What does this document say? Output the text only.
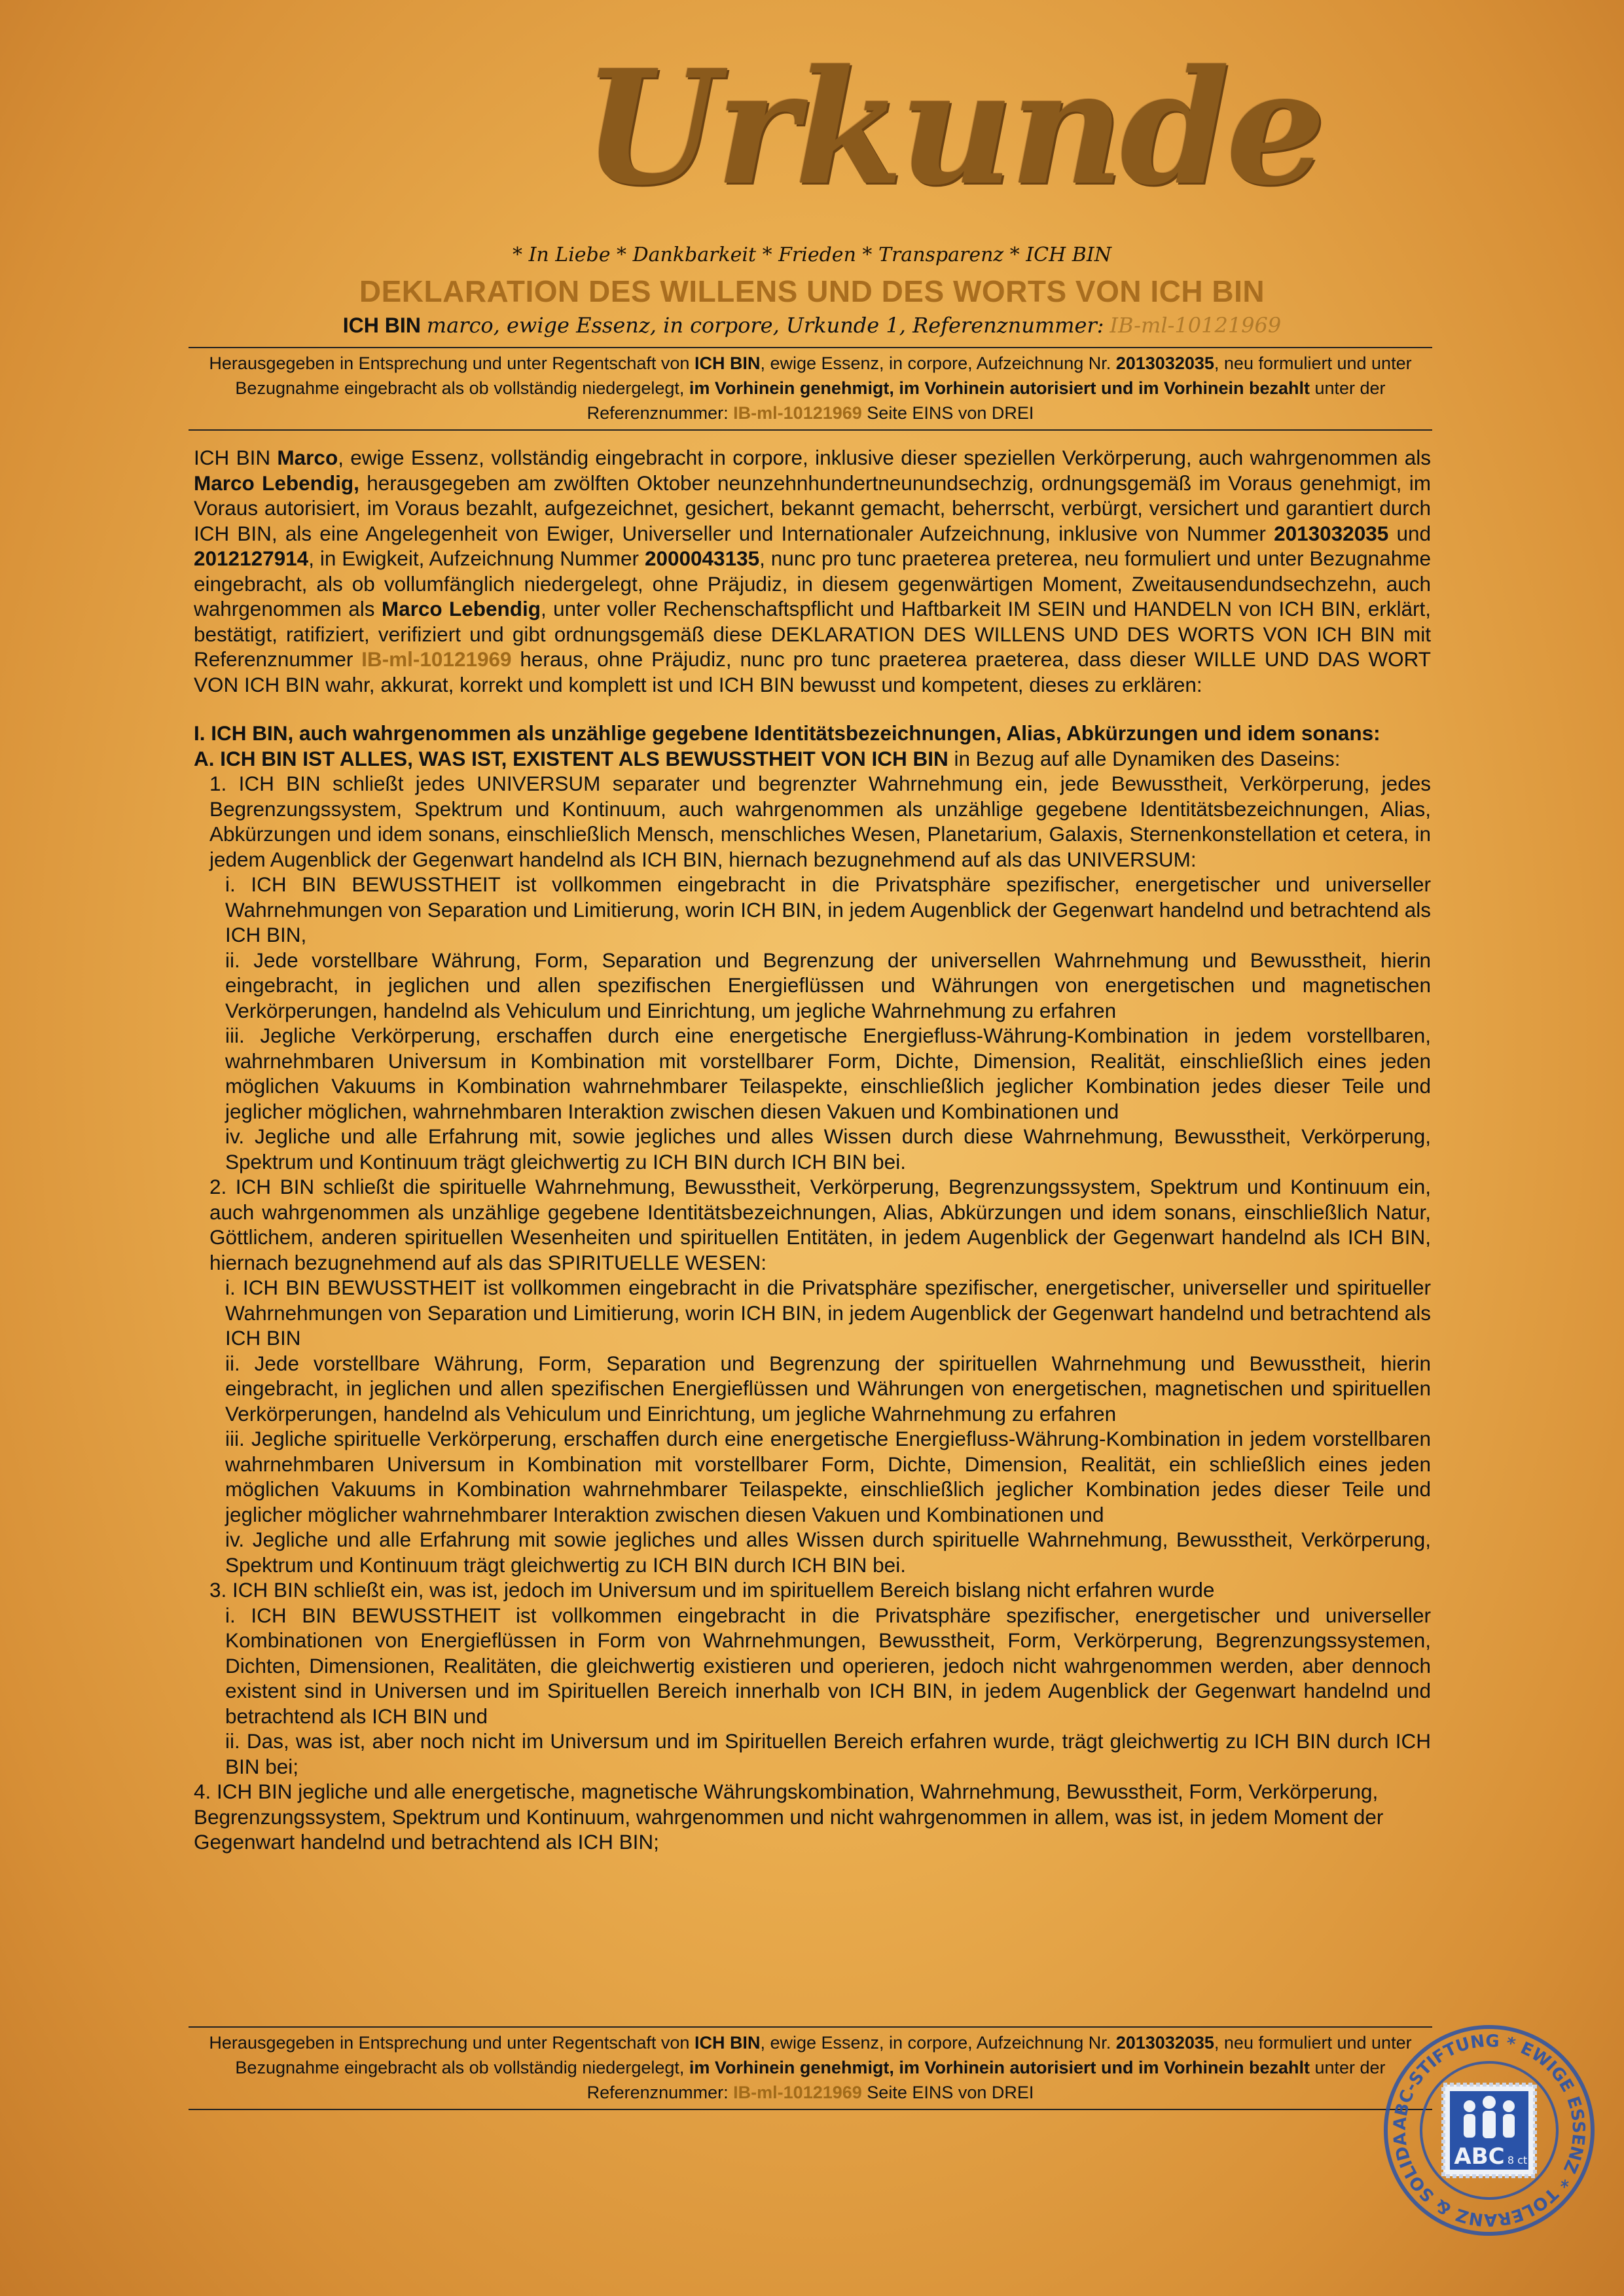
Urkunde
* In Liebe * Dankbarkeit * Frieden * Transparenz * ICH BIN
DEKLARATION DES WILLENS UND DES WORTS VON ICH BIN
ICH BIN marco, ewige Essenz, in corpore, Urkunde 1, Referenznummer: IB-ml-10121969
Herausgegeben in Entsprechung und unter Regentschaft von ICH BIN, ewige Essenz, in corpore, Aufzeichnung Nr. 2013032035, neu formuliert und unter Bezugnahme eingebracht als ob vollständig niedergelegt, im Vorhinein genehmigt, im Vorhinein autorisiert und im Vorhinein bezahlt unter der Referenznummer: IB-ml-10121969 Seite EINS von DREI

ICH BIN Marco, ewige Essenz, vollständig eingebracht in corpore, inklusive dieser speziellen Verkörperung, auch wahrgenommen als Marco Lebendig, herausgegeben am zwölften Oktober neunzehnhundertneunundsechzig, ordnungsgemäß im Voraus genehmigt, im Voraus autorisiert, im Voraus bezahlt, aufgezeichnet, gesichert, bekannt gemacht, beherrscht, verbürgt, versichert und garantiert durch ICH BIN, als eine Angelegenheit von Ewiger, Universeller und Internationaler Aufzeichnung, inklusive von Nummer 2013032035 und 2012127914, in Ewigkeit, Aufzeichnung Nummer 2000043135, nunc pro tunc praeterea preterea, neu formuliert und unter Bezugnahme eingebracht, als ob vollumfänglich niedergelegt, ohne Präjudiz, in diesem gegenwärtigen Moment, Zweitausendundsechzehn, auch wahrgenommen als Marco Lebendig, unter voller Rechenschaftspflicht und Haftbarkeit IM SEIN und HANDELN von ICH BIN, erklärt, bestätigt, ratifiziert, verifiziert und gibt ordnungsgemäß diese DEKLARATION DES WILLENS UND DES WORTS VON ICH BIN mit Referenznummer IB-ml-10121969 heraus, ohne Präjudiz, nunc pro tunc praeterea praeterea, dass dieser WILLE UND DAS WORT VON ICH BIN wahr, akkurat, korrekt und komplett ist und ICH BIN bewusst und kompetent, dieses zu erklären:

I. ICH BIN, auch wahrgenommen als unzählige gegebene Identitätsbezeichnungen, Alias, Abkürzungen und idem sonans:

A. ICH BIN IST ALLES, WAS IST, EXISTENT ALS BEWUSSTHEIT VON ICH BIN in Bezug auf alle Dynamiken des Daseins:

1. ICH BIN schließt jedes UNIVERSUM separater und begrenzter Wahrnehmung ein, jede Bewusstheit, Verkörperung, jedes Begrenzungssystem, Spektrum und Kontinuum, auch wahrgenommen als unzählige gegebene Identitätsbezeichnungen, Alias, Abkürzungen und idem sonans, einschließlich Mensch, menschliches Wesen, Planetarium, Galaxis, Sternenkonstellation et cetera, in jedem Augenblick der Gegenwart handelnd als ICH BIN, hiernach bezugnehmend auf als das UNIVERSUM:

i. ICH BIN BEWUSSTHEIT ist vollkommen eingebracht in die Privatsphäre spezifischer, energetischer und universeller Wahrnehmungen von Separation und Limitierung, worin ICH BIN, in jedem Augenblick der Gegenwart handelnd und betrachtend als ICH BIN,

ii. Jede vorstellbare Währung, Form, Separation und Begrenzung der universellen Wahrnehmung und Bewusstheit, hierin eingebracht, in jeglichen und allen spezifischen Energieflüssen und Währungen von energetischen und magnetischen Verkörperungen, handelnd als Vehiculum und Einrichtung, um jegliche Wahrnehmung zu erfahren

iii. Jegliche Verkörperung, erschaffen durch eine energetische Energiefluss-Währung-Kombination in jedem vorstellbaren, wahrnehmbaren Universum in Kombination mit vorstellbarer Form, Dichte, Dimension, Realität, einschließlich eines jeden möglichen Vakuums in Kombination wahrnehmbarer Teilaspekte, einschließlich jeglicher Kombination jedes dieser Teile und jeglicher möglichen, wahrnehmbaren Interaktion zwischen diesen Vakuen und Kombinationen und

iv. Jegliche und alle Erfahrung mit, sowie jegliches und alles Wissen durch diese Wahrnehmung, Bewusstheit, Verkörperung, Spektrum und Kontinuum trägt gleichwertig zu ICH BIN durch ICH BIN bei.

2. ICH BIN schließt die spirituelle Wahrnehmung, Bewusstheit, Verkörperung, Begrenzungssystem, Spektrum und Kontinuum ein, auch wahrgenommen als unzählige gegebene Identitätsbezeichnungen, Alias, Abkürzungen und idem sonans, einschließlich Natur, Göttlichem, anderen spirituellen Wesenheiten und spirituellen Entitäten, in jedem Augenblick der Gegenwart handelnd als ICH BIN, hiernach bezugnehmend auf als das SPIRITUELLE WESEN:

i. ICH BIN BEWUSSTHEIT ist vollkommen eingebracht in die Privatsphäre spezifischer, energetischer, universeller und spiritueller Wahrnehmungen von Separation und Limitierung, worin ICH BIN, in jedem Augenblick der Gegenwart handelnd und betrachtend als ICH BIN

ii. Jede vorstellbare Währung, Form, Separation und Begrenzung der spirituellen Wahrnehmung und Bewusstheit, hierin eingebracht, in jeglichen und allen spezifischen Energieflüssen und Währungen von energetischen, magnetischen und spirituellen Verkörperungen, handelnd als Vehiculum und Einrichtung, um jegliche Wahrnehmung zu erfahren

iii. Jegliche spirituelle Verkörperung, erschaffen durch eine energetische Energiefluss-Währung-Kombination in jedem vorstellbaren wahrnehmbaren Universum in Kombination mit vorstellbarer Form, Dichte, Dimension, Realität, ein schließlich eines jeden möglichen Vakuums in Kombination wahrnehmbarer Teilaspekte, einschließlich jeglicher Kombination jedes dieser Teile und jeglicher möglicher wahrnehmbarer Interaktion zwischen diesen Vakuen und Kombinationen und

iv. Jegliche und alle Erfahrung mit sowie jegliches und alles Wissen durch spirituelle Wahrnehmung, Bewusstheit, Verkörperung, Spektrum und Kontinuum trägt gleichwertig zu ICH BIN durch ICH BIN bei.

3. ICH BIN schließt ein, was ist, jedoch im Universum und im spirituellem Bereich bislang nicht erfahren wurde

i. ICH BIN BEWUSSTHEIT ist vollkommen eingebracht in die Privatsphäre spezifischer, energetischer und universeller Kombinationen von Energieflüssen in Form von Wahrnehmungen, Bewusstheit, Form, Verkörperung, Begrenzungssystemen, Dichten, Dimensionen, Realitäten, die gleichwertig existieren und operieren, jedoch nicht wahrgenommen werden, aber dennoch existent sind in Universen und im Spirituellen Bereich innerhalb von ICH BIN, in jedem Augenblick der Gegenwart handelnd und betrachtend als ICH BIN und

ii. Das, was ist, aber noch nicht im Universum und im Spirituellen Bereich erfahren wurde, trägt gleichwertig zu ICH BIN durch ICH BIN bei;

4. ICH BIN jegliche und alle energetische, magnetische Währungskombination, Wahrnehmung, Bewusstheit, Form, Verkörperung, Begrenzungssystem, Spektrum und Kontinuum, wahrgenommen und nicht wahrgenommen in allem, was ist, in jedem Moment der Gegenwart handelnd und betrachtend als ICH BIN;

Herausgegeben in Entsprechung und unter Regentschaft von ICH BIN, ewige Essenz, in corpore, Aufzeichnung Nr. 2013032035, neu formuliert und unter Bezugnahme eingebracht als ob vollständig niedergelegt, im Vorhinein genehmigt, im Vorhinein autorisiert und im Vorhinein bezahlt unter der Referenznummer: IB-ml-10121969 Seite EINS von DREI
ABC-STIFTUNG * EWIGE ESSENZ * TOLERANZ & SOLIDA
ABC 8 ct
